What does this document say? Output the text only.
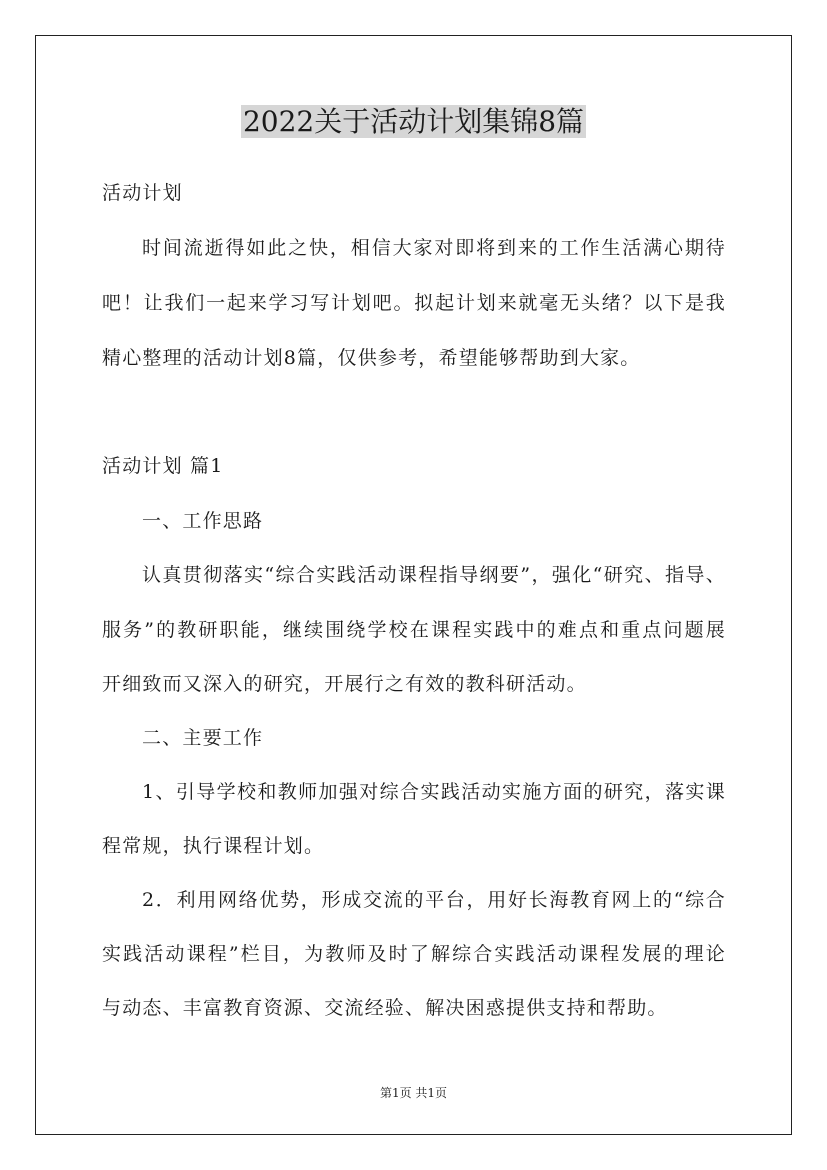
2022关于活动计划集锦8篇
活动计划
时间流逝得如此之快，相信大家对即将到来的工作生活满心期待
吧！让我们一起来学习写计划吧。拟起计划来就毫无头绪？以下是我
精心整理的活动计划8篇，仅供参考，希望能够帮助到大家。
活动计划 篇1
一、工作思路
认真贯彻落实“综合实践活动课程指导纲要”，强化“研究、指导、
服务”的教研职能，继续围绕学校在课程实践中的难点和重点问题展
开细致而又深入的研究，开展行之有效的教科研活动。
二、主要工作
1、引导学校和教师加强对综合实践活动实施方面的研究，落实课
程常规，执行课程计划。
2．利用网络优势，形成交流的平台，用好长海教育网上的“综合
实践活动课程”栏目，为教师及时了解综合实践活动课程发展的理论
与动态、丰富教育资源、交流经验、解决困惑提供支持和帮助。
第1页 共1页
